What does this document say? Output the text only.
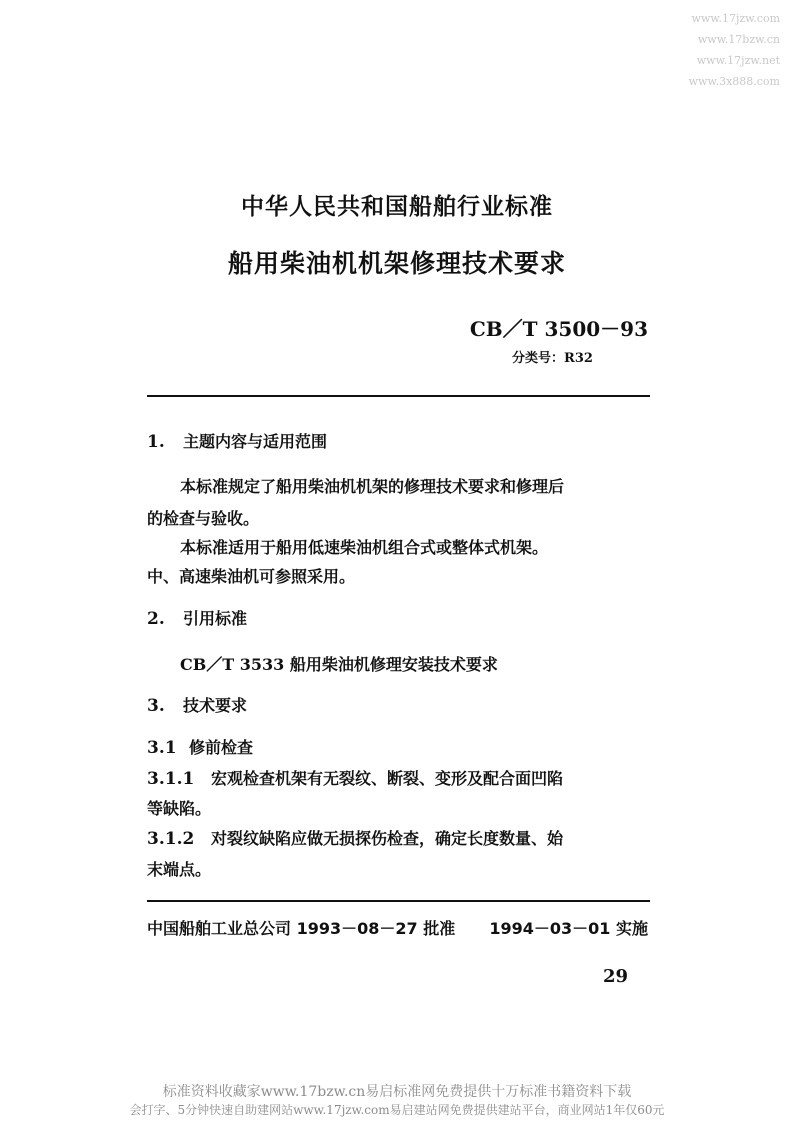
www.17jzw.com
www.17bzw.cn
www.17jzw.net
www.3x888.com
中华人民共和国船舶行业标准
船用柴油机机架修理技术要求
CB／T 3500－93
分类号：R32
1. 主题内容与适用范围
本标准规定了船用柴油机机架的修理技术要求和修理后
的检查与验收。
本标准适用于船用低速柴油机组合式或整体式机架。
中、高速柴油机可参照采用。
2. 引用标准
CB／T 3533 船用柴油机修理安装技术要求
3. 技术要求
3.1 修前检查
3.1.1 宏观检查机架有无裂纹、断裂、变形及配合面凹陷
等缺陷。
3.1.2 对裂纹缺陷应做无损探伤检查，确定长度数量、始
末端点。
中国船舶工业总公司 1993－08－27 批准 1994－03－01 实施
29
标准资料收藏家www.17bzw.cn易启标准网免费提供十万标准书籍资料下载
会打字、5分钟快速自助建网站www.17jzw.com易启建站网免费提供建站平台，商业网站1年仅60元
